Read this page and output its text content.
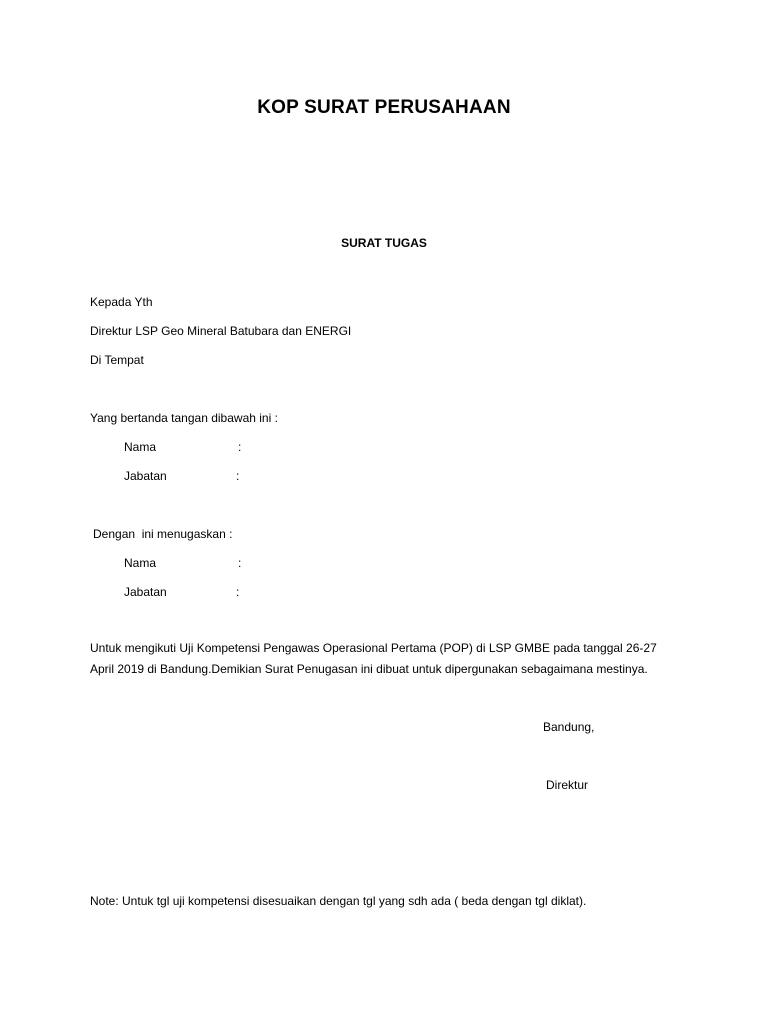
KOP SURAT PERUSAHAAN
SURAT TUGAS
Kepada Yth
Direktur LSP Geo Mineral Batubara dan ENERGI
Di Tempat
Yang bertanda tangan dibawah ini :
Nama	:
Jabatan	:
Dengan  ini menugaskan :
Nama	:
Jabatan	:
Untuk mengikuti Uji Kompetensi Pengawas Operasional Pertama (POP) di LSP GMBE pada tanggal 26-27
April 2019 di Bandung.Demikian Surat Penugasan ini dibuat untuk dipergunakan sebagaimana mestinya.
Bandung,
Direktur
Note: Untuk tgl uji kompetensi disesuaikan dengan tgl yang sdh ada ( beda dengan tgl diklat).
